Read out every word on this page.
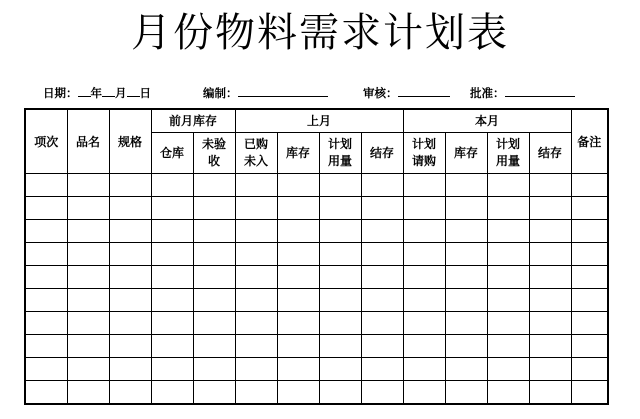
月份物料需求计划表
日期： 年 月 日	编制：	审核：	批准：
项次	品名	规格	前月库存		上月				本月				备注
			仓库	未验收	已购未入	库存	计划用量	结存	计划请购	库存	计划用量	结存	
